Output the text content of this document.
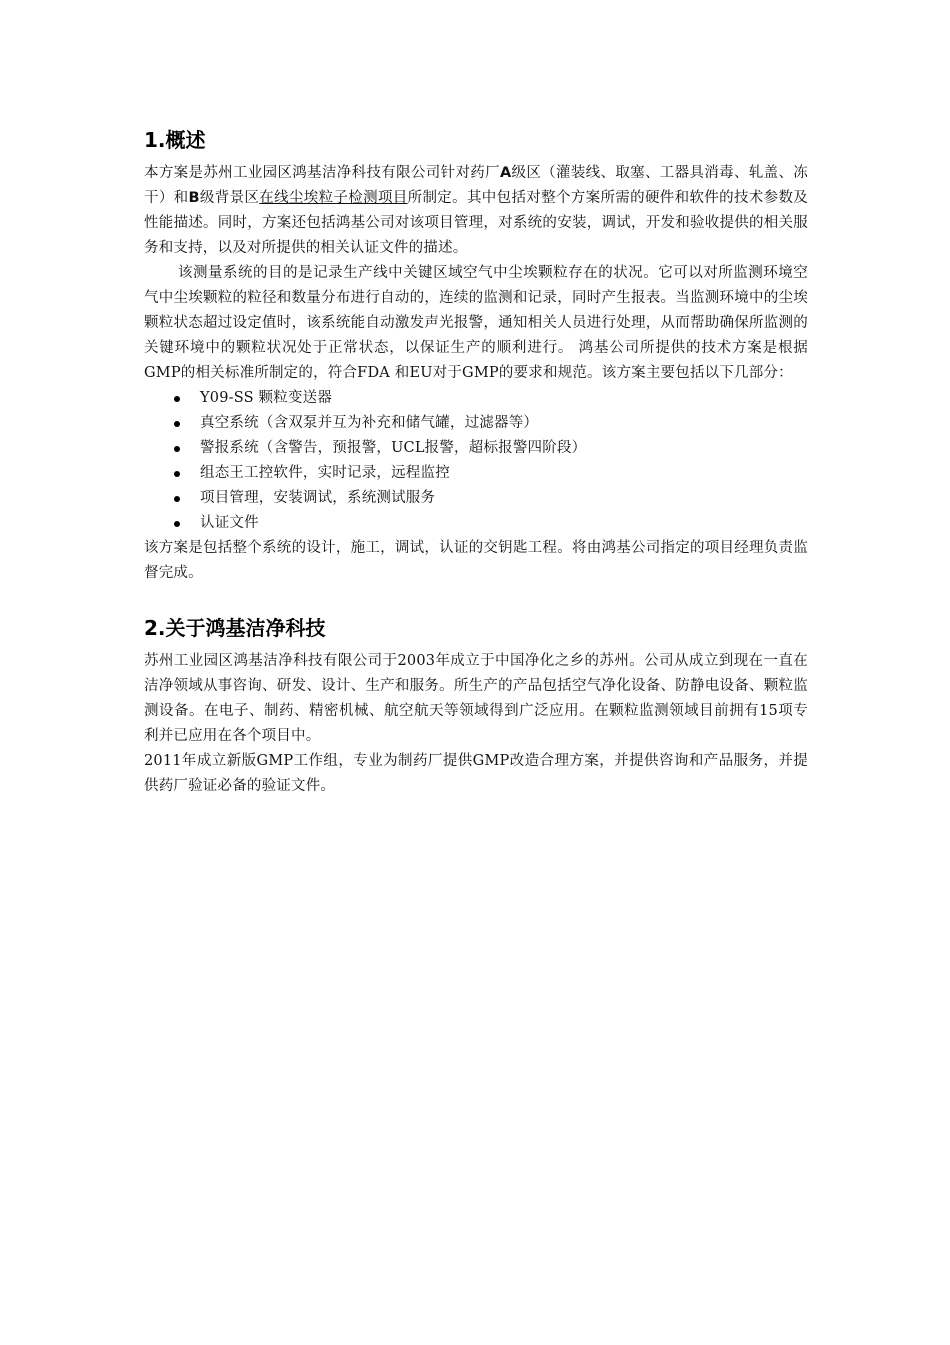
1.概述

本方案是苏州工业园区鸿基洁净科技有限公司针对药厂A级区（灌装线、取塞、工器具消毒、轧盖、冻干）和B级背景区在线尘埃粒子检测项目所制定。其中包括对整个方案所需的硬件和软件的技术参数及性能描述。同时，方案还包括鸿基公司对该项目管理，对系统的安装，调试，开发和验收提供的相关服务和支持，以及对所提供的相关认证文件的描述。

该测量系统的目的是记录生产线中关键区域空气中尘埃颗粒存在的状况。它可以对所监测环境空气中尘埃颗粒的粒径和数量分布进行自动的，连续的监测和记录，同时产生报表。当监测环境中的尘埃颗粒状态超过设定值时，该系统能自动激发声光报警，通知相关人员进行处理，从而帮助确保所监测的关键环境中的颗粒状况处于正常状态，以保证生产的顺利进行。 鸿基公司所提供的技术方案是根据GMP的相关标准所制定的，符合FDA 和EU对于GMP的要求和规范。该方案主要包括以下几部分：

Y09-SS 颗粒变送器
真空系统（含双泵并互为补充和储气罐，过滤器等）
警报系统（含警告，预报警，UCL报警，超标报警四阶段）
组态王工控软件，实时记录，远程监控
项目管理，安装调试，系统测试服务
认证文件

该方案是包括整个系统的设计，施工，调试，认证的交钥匙工程。将由鸿基公司指定的项目经理负责监督完成。

2.关于鸿基洁净科技

苏州工业园区鸿基洁净科技有限公司于2003年成立于中国净化之乡的苏州。公司从成立到现在一直在洁净领域从事咨询、研发、设计、生产和服务。所生产的产品包括空气净化设备、防静电设备、颗粒监测设备。在电子、制药、精密机械、航空航天等领域得到广泛应用。在颗粒监测领域目前拥有15项专利并已应用在各个项目中。

2011年成立新版GMP工作组，专业为制药厂提供GMP改造合理方案，并提供咨询和产品服务，并提供药厂验证必备的验证文件。
